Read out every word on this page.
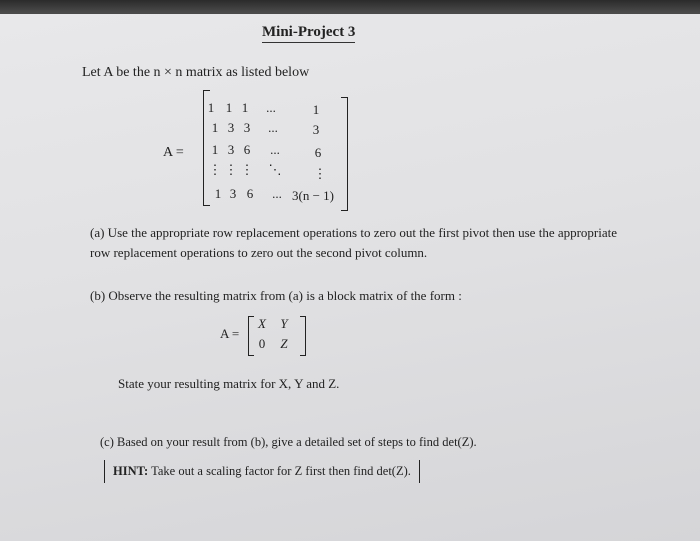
Mini-Project 3
Let A be the n × n matrix as listed below
A =
1 1 1	...	1
1 3 3	...	3
1 3 6	...	6
⋮ ⋮ ⋮	⋱	⋮
1 3 6	... 3(n − 1)
(a) Use the appropriate row replacement operations to zero out the first pivot then use the appropriate row replacement operations to zero out the second pivot column.
(b) Observe the resulting matrix from (a) is a block matrix of the form :
A =
X	Y
0	Z
State your resulting matrix for X, Y and Z.
(c) Based on your result from (b), give a detailed set of steps to find det(Z).
HINT: Take out a scaling factor for Z first then find det(Z).
